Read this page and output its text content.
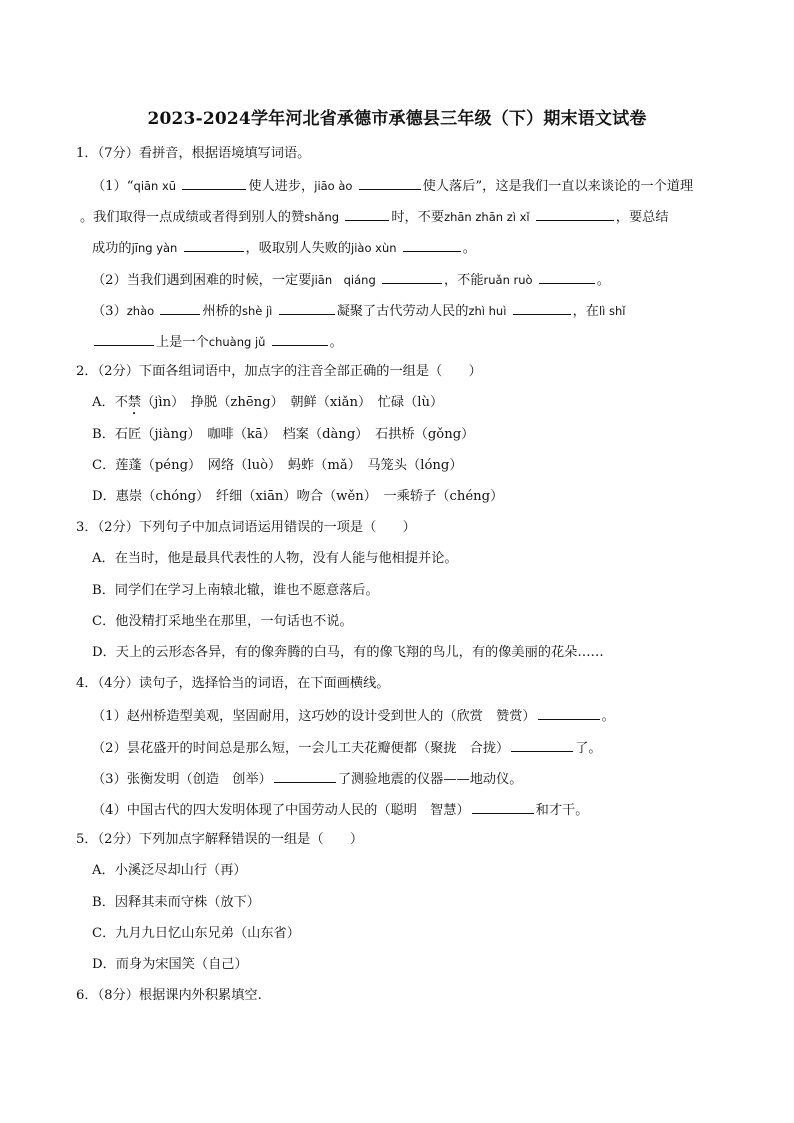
2023-2024学年河北省承德市承德县三年级（下）期末语文试卷
1．（7分）看拼音，根据语境填写词语。
（1）“qiān xū	使人进步，jiāo ào	使人落后”，这是我们一直以来谈论的一个道理
。我们取得一点成绩或者得到别人的赞shǎng	时，不要zhān zhān zì xǐ	，要总结
成功的jīng yàn	，吸取别人失败的jiào xùn	。
（2）当我们遇到困难的时候，一定要jiān　qiáng	，不能ruǎn ruò	。
（3）zhào	州桥的shè jì	凝聚了古代劳动人民的zhì huì	，在lì shǐ
上是一个chuàng jǔ	。
2．（2分）下面各组词语中，加点字的注音全部正确的一组是（　　）
A．不禁（jìn）　挣脱（zhēng）　朝鲜（xiǎn）　忙碌（lù）
B．石匠（jiàng）　咖啡（kā）　档案（dàng）　石拱桥（gǒng）
C．莲蓬（péng）　网络（luò）　蚂蚱（mǎ）　马笼头（lóng）
D．惠崇（chóng）　纤细（xiān）吻合（wěn）　一乘轿子（chéng）
3．（2分）下列句子中加点词语运用错误的一项是（　　）
A．在当时，他是最具代表性的人物，没有人能与他相提并论。
B．同学们在学习上南辕北辙，谁也不愿意落后。
C．他没精打采地坐在那里，一句话也不说。
D．天上的云形态各异，有的像奔腾的白马，有的像飞翔的鸟儿，有的像美丽的花朵……
4．（4分）读句子，选择恰当的词语，在下面画横线。
（1）赵州桥造型美观，坚固耐用，这巧妙的设计受到世人的（欣赏　赞赏）	。
（2）昙花盛开的时间总是那么短，一会儿工夫花瓣便都（聚拢　合拢）	了。
（3）张衡发明（创造　创举）	了测验地震的仪器——地动仪。
（4）中国古代的四大发明体现了中国劳动人民的（聪明　智慧）	和才干。
5．（2分）下列加点字解释错误的一组是（　　）
A．小溪泛尽却山行（再）
B．因释其耒而守株（放下）
C．九月九日忆山东兄弟（山东省）
D．而身为宋国笑（自己）
6．（8分）根据课内外积累填空.
